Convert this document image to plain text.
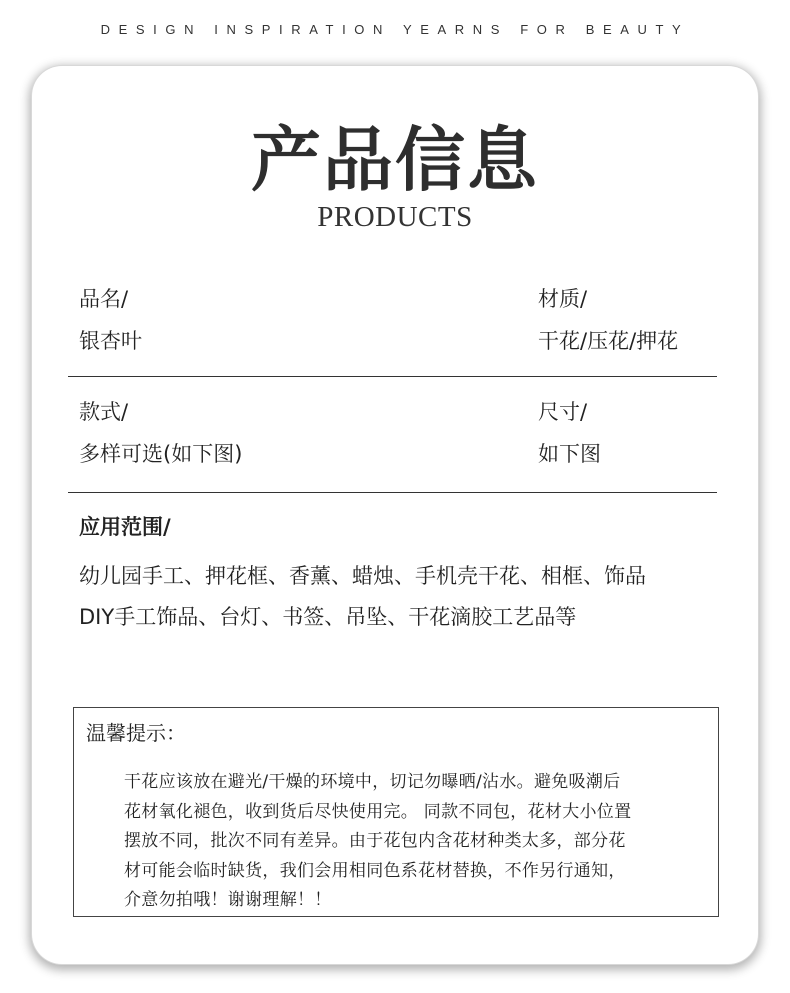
DESIGN INSPIRATION YEARNS FOR BEAUTY
产品信息
PRODUCTS
品名/
银杏叶
材质/
干花/压花/押花
款式/
多样可选(如下图)
尺寸/
如下图
应用范围/
幼儿园手工、押花框、香薰、蜡烛、手机壳干花、相框、饰品
DIY手工饰品、台灯、书签、吊坠、干花滴胶工艺品等
温馨提示：
干花应该放在避光/干燥的环境中，切记勿曝晒/沾水。避免吸潮后
花材氧化褪色，收到货后尽快使用完。 同款不同包，花材大小位置
摆放不同，批次不同有差异。由于花包内含花材种类太多，部分花
材可能会临时缺货，我们会用相同色系花材替换，不作另行通知，
介意勿拍哦！谢谢理解！！
